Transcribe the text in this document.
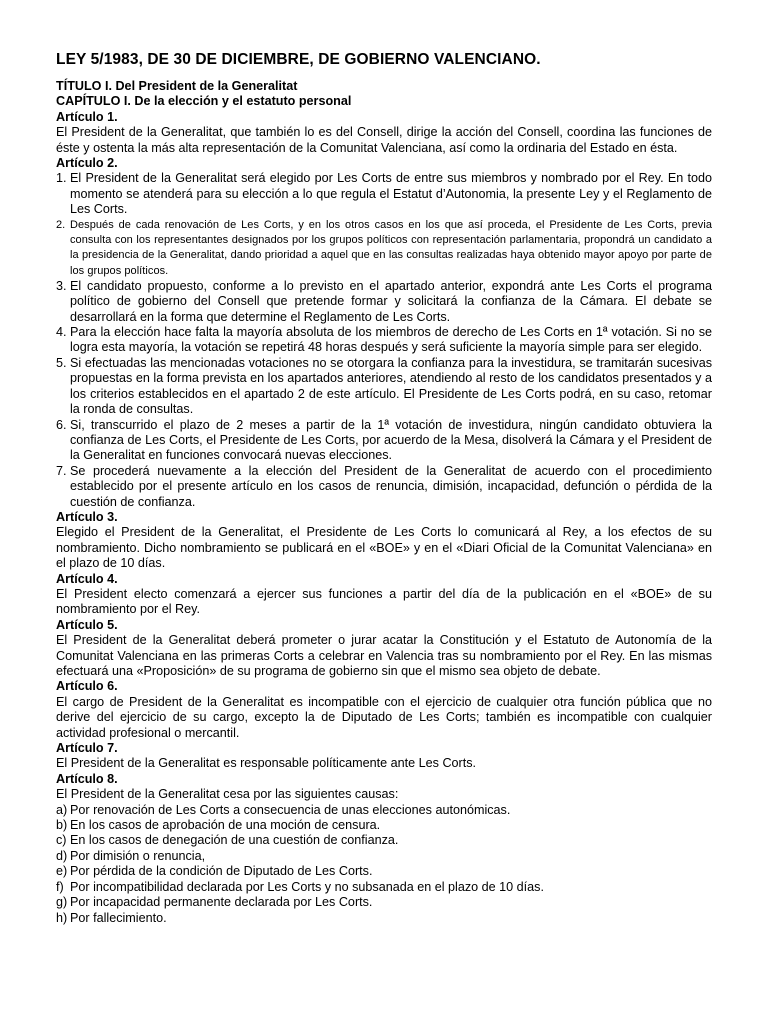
LEY 5/1983, DE 30 DE DICIEMBRE, DE GOBIERNO VALENCIANO.
TÍTULO I. Del President de la Generalitat
CAPÍTULO I. De la elección y el estatuto personal
Artículo 1.

El President de la Generalitat, que también lo es del Consell, dirige la acción del Consell, coordina las funciones de éste y ostenta la más alta representación de la Comunitat Valenciana, así como la ordinaria del Estado en ésta.

Artículo 2.
1. El President de la Generalitat será elegido por Les Corts de entre sus miembros y nombrado por el Rey. En todo momento se atenderá para su elección a lo que regula el Estatut d’Autonomia, la presente Ley y el Reglamento de Les Corts.
2. Después de cada renovación de Les Corts, y en los otros casos en los que así proceda, el Presidente de Les Corts, previa consulta con los representantes designados por los grupos políticos con representación parlamentaria, propondrá un candidato a la presidencia de la Generalitat, dando prioridad a aquel que en las consultas realizadas haya obtenido mayor apoyo por parte de los grupos políticos.
3. El candidato propuesto, conforme a lo previsto en el apartado anterior, expondrá ante Les Corts el programa político de gobierno del Consell que pretende formar y solicitará la confianza de la Cámara. El debate se desarrollará en la forma que determine el Reglamento de Les Corts.
4. Para la elección hace falta la mayoría absoluta de los miembros de derecho de Les Corts en 1ª votación. Si no se logra esta mayoría, la votación se repetirá 48 horas después y será suficiente la mayoría simple para ser elegido.
5. Si efectuadas las mencionadas votaciones no se otorgara la confianza para la investidura, se tramitarán sucesivas propuestas en la forma prevista en los apartados anteriores, atendiendo al resto de los candidatos presentados y a los criterios establecidos en el apartado 2 de este artículo. El Presidente de Les Corts podrá, en su caso, retomar la ronda de consultas.
6. Si, transcurrido el plazo de 2 meses a partir de la 1ª votación de investidura, ningún candidato obtuviera la confianza de Les Corts, el Presidente de Les Corts, por acuerdo de la Mesa, disolverá la Cámara y el President de la Generalitat en funciones convocará nuevas elecciones.
7. Se procederá nuevamente a la elección del President de la Generalitat de acuerdo con el procedimiento establecido por el presente artículo en los casos de renuncia, dimisión, incapacidad, defunción o pérdida de la cuestión de confianza.
Artículo 3.

Elegido el President de la Generalitat, el Presidente de Les Corts lo comunicará al Rey, a los efectos de su nombramiento. Dicho nombramiento se publicará en el «BOE» y en el «Diari Oficial de la Comunitat Valenciana» en el plazo de 10 días.

Artículo 4.

El President electo comenzará a ejercer sus funciones a partir del día de la publicación en el «BOE» de su nombramiento por el Rey.

Artículo 5.

El President de la Generalitat deberá prometer o jurar acatar la Constitución y el Estatuto de Autonomía de la Comunitat Valenciana en las primeras Corts a celebrar en Valencia tras su nombramiento por el Rey. En las mismas efectuará una «Proposición» de su programa de gobierno sin que el mismo sea objeto de debate.

Artículo 6.

El cargo de President de la Generalitat es incompatible con el ejercicio de cualquier otra función pública que no derive del ejercicio de su cargo, excepto la de Diputado de Les Corts; también es incompatible con cualquier actividad profesional o mercantil.

Artículo 7.

El President de la Generalitat es responsable políticamente ante Les Corts.

Artículo 8.

El President de la Generalitat cesa por las siguientes causas:

a) Por renovación de Les Corts a consecuencia de unas elecciones autonómicas.
b) En los casos de aprobación de una moción de censura.
c) En los casos de denegación de una cuestión de confianza.
d) Por dimisión o renuncia,
e) Por pérdida de la condición de Diputado de Les Corts.
f) Por incompatibilidad declarada por Les Corts y no subsanada en el plazo de 10 días.
g) Por incapacidad permanente declarada por Les Corts.
h) Por fallecimiento.
